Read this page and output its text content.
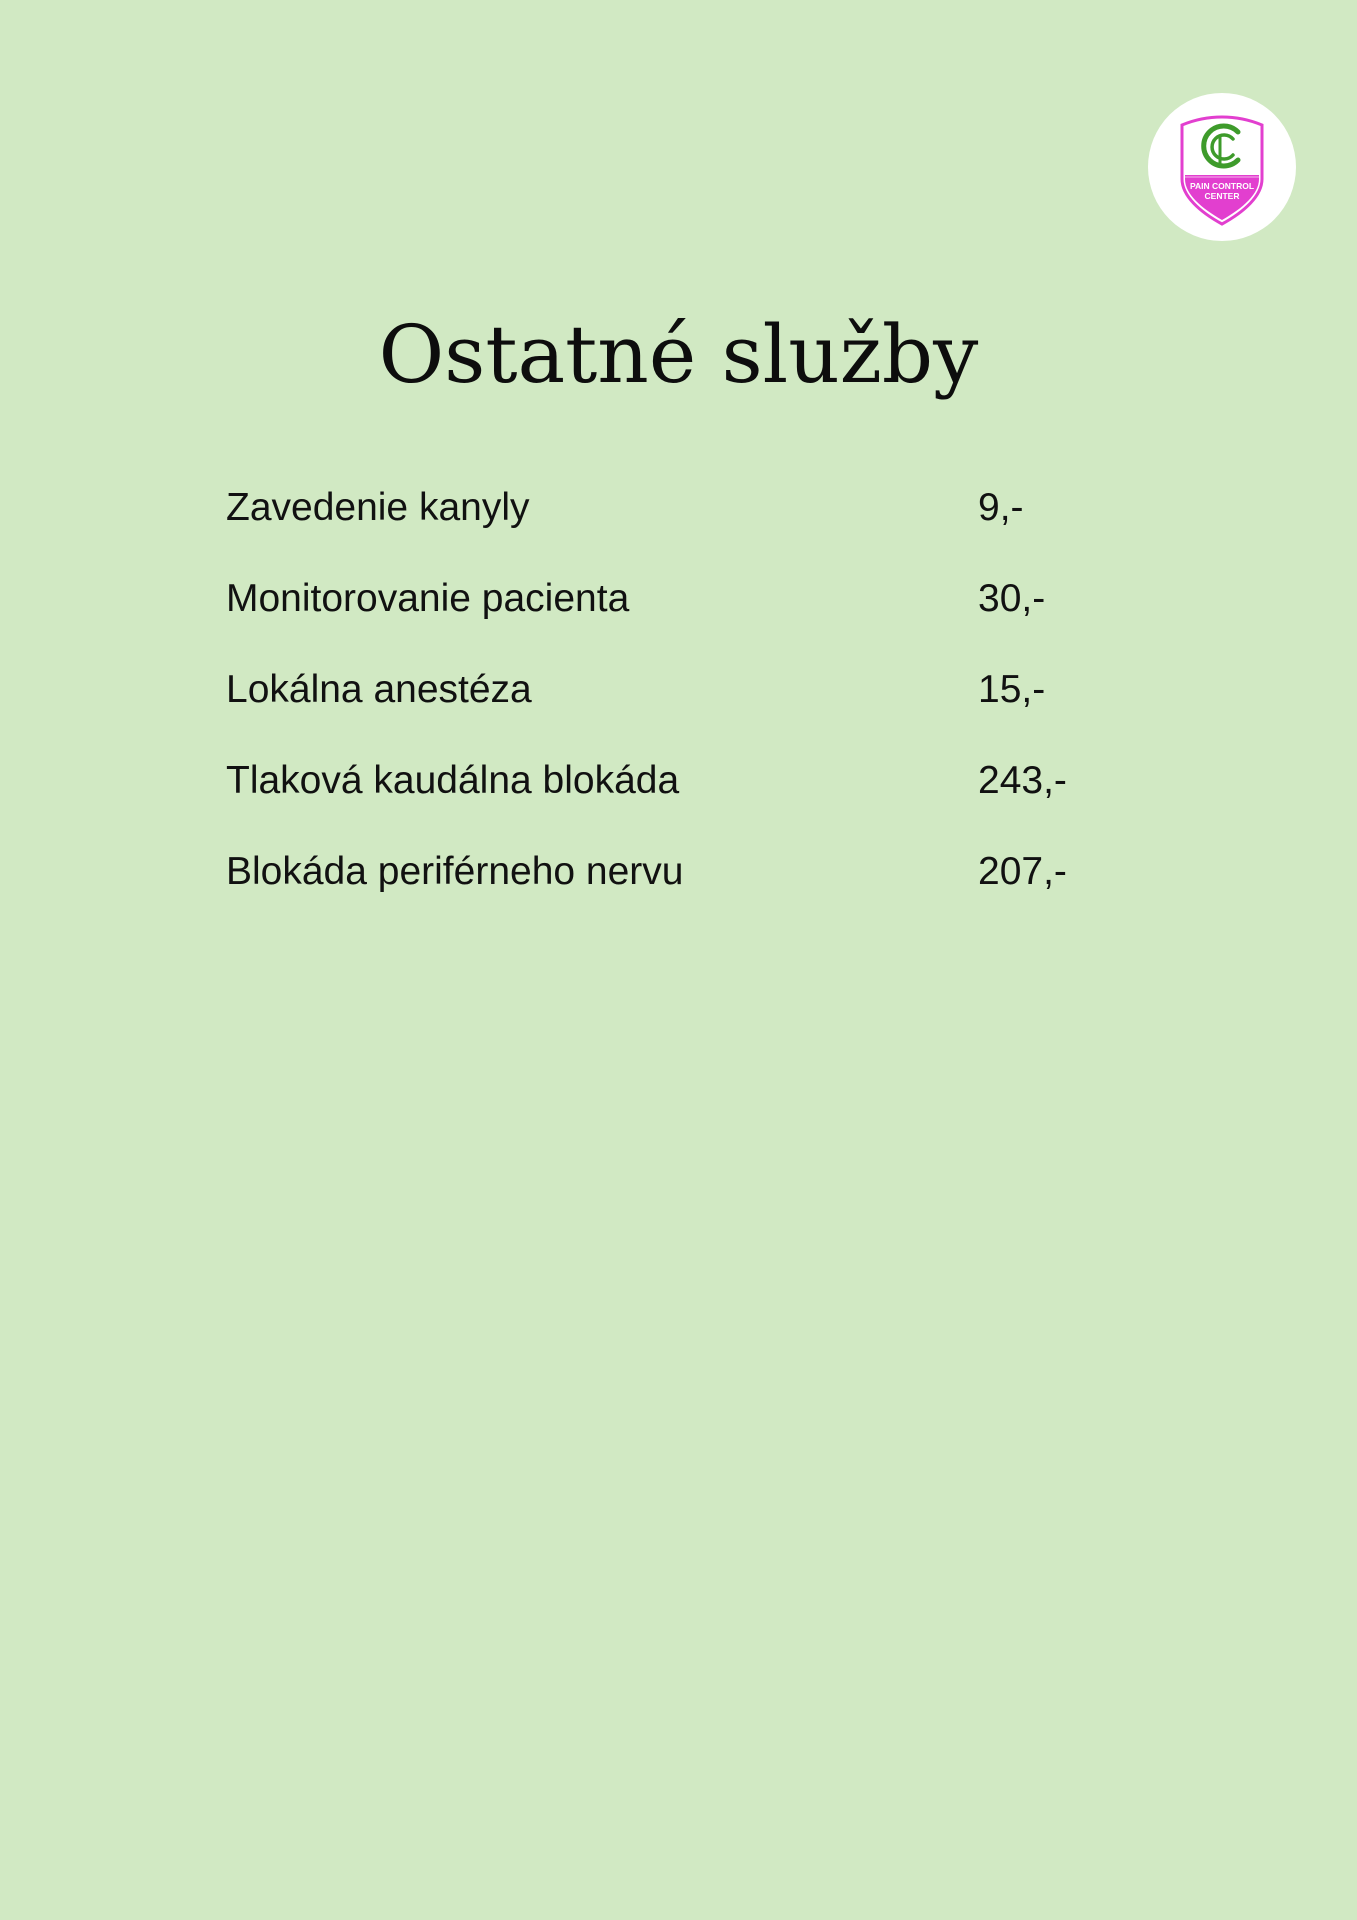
PAIN CONTROL
CENTER
Ostatné služby
Zavedenie kanyly	9,-
Monitorovanie pacienta	30,-
Lokálna anestéza	15,-
Tlaková kaudálna blokáda	243,-
Blokáda periférneho nervu	207,-
